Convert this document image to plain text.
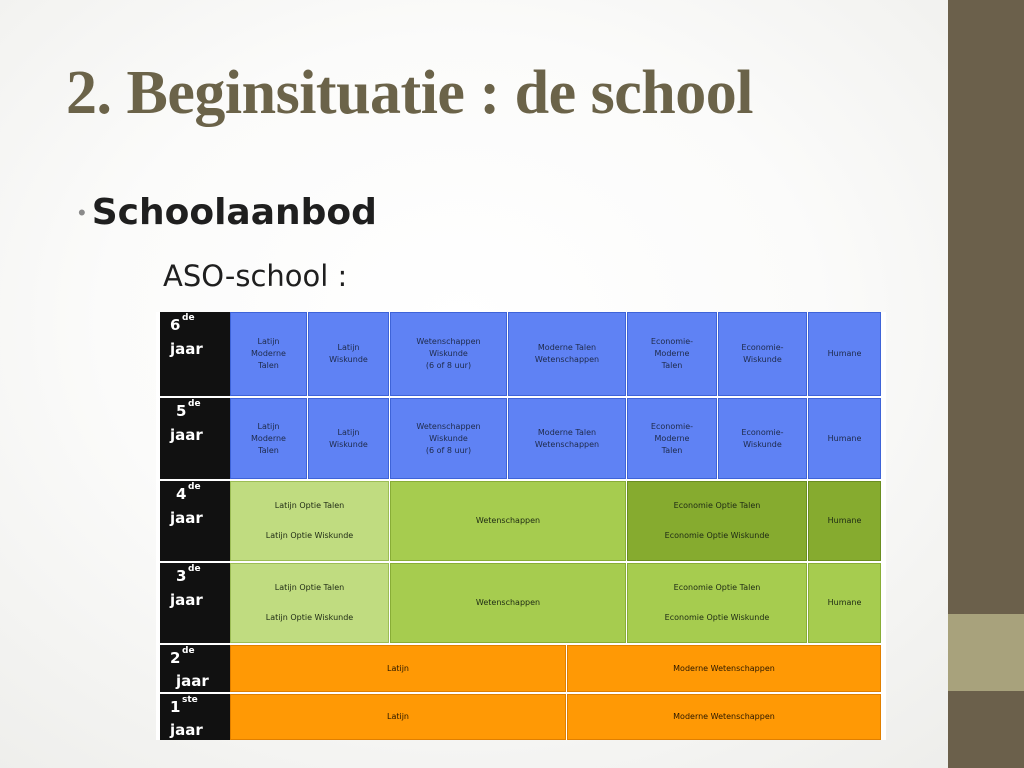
2. Beginsituatie : de school
• Schoolaanbod
ASO-school :
6 de
jaar
5 de
jaar
4 de
jaar
3 de
jaar
2 de
jaar
1 ste
jaar
Latijn
Moderne
Talen
Latijn
Wiskunde
Wetenschappen
Wiskunde
(6 of 8 uur)
Moderne Talen
Wetenschappen
Economie-
Moderne
Talen
Economie-
Wiskunde
Humane
Latijn
Moderne
Talen
Latijn
Wiskunde
Wetenschappen
Wiskunde
(6 of 8 uur)
Moderne Talen
Wetenschappen
Economie-
Moderne
Talen
Economie-
Wiskunde
Humane
Latijn Optie Talen
Latijn Optie Wiskunde
Wetenschappen
Economie Optie Talen
Economie Optie Wiskunde
Humane
Latijn Optie Talen
Latijn Optie Wiskunde
Wetenschappen
Economie Optie Talen
Economie Optie Wiskunde
Humane
Latijn	Moderne Wetenschappen
Latijn	Moderne Wetenschappen
